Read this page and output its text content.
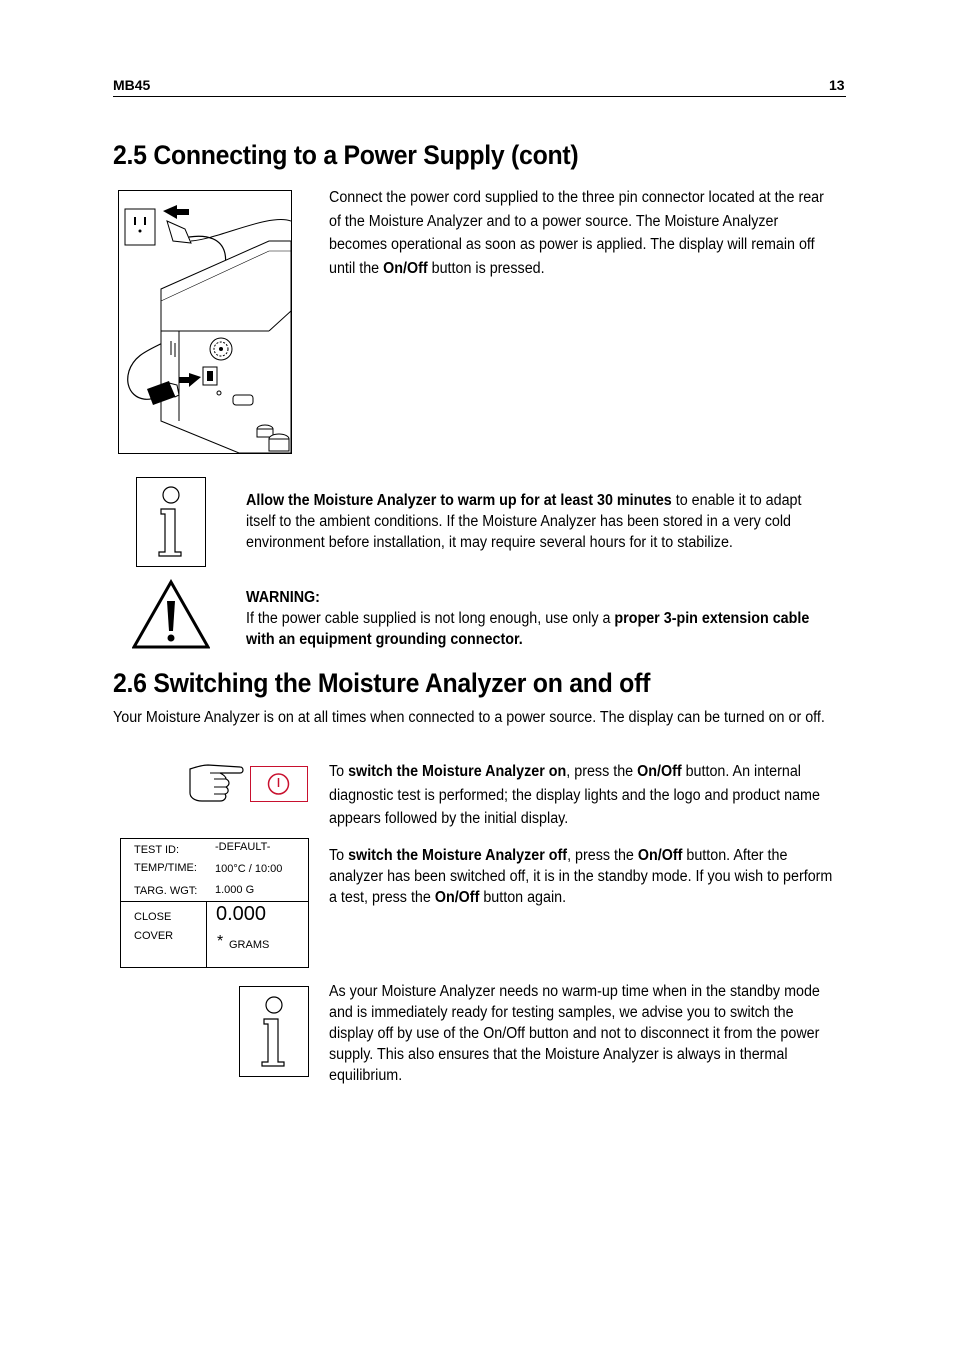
MB45	13
2.5 Connecting to a Power Supply (cont)
Connect the power cord supplied to the three pin connector located at the rear of the Moisture Analyzer and to a power source. The Moisture Analyzer becomes operational as soon as power is applied. The display will remain off until the On/Off button is pressed.
Allow the Moisture Analyzer to warm up for at least 30 minutes to enable it to adapt itself to the ambient conditions. If the Moisture Analyzer has been stored in a very cold environment before installation, it may require several hours for it to stabilize.
WARNING:
If the power cable supplied is not long enough, use only a proper 3-pin extension cable with an equipment grounding connector.
2.6 Switching the Moisture Analyzer on and off
Your Moisture Analyzer is on at all times when connected to a power source. The display can be turned on or off.
To switch the Moisture Analyzer on, press the On/Off button. An internal diagnostic test is performed; the display lights and the logo and product name appears followed by the initial display.
TEST ID:	-DEFAULT-
TEMP/TIME: 100°C / 10:00
TARG. WGT: 1.000 G
CLOSE
COVER
0.000
* GRAMS
To switch the Moisture Analyzer off, press the On/Off button. After the analyzer has been switched off, it is in the standby mode. If you wish to perform a test, press the On/Off button again.
As your Moisture Analyzer needs no warm-up time when in the standby mode and is immediately ready for testing samples, we advise you to switch the display off by use of the On/Off button and not to disconnect it from the power supply. This also ensures that the Moisture Analyzer is always in thermal equilibrium.
